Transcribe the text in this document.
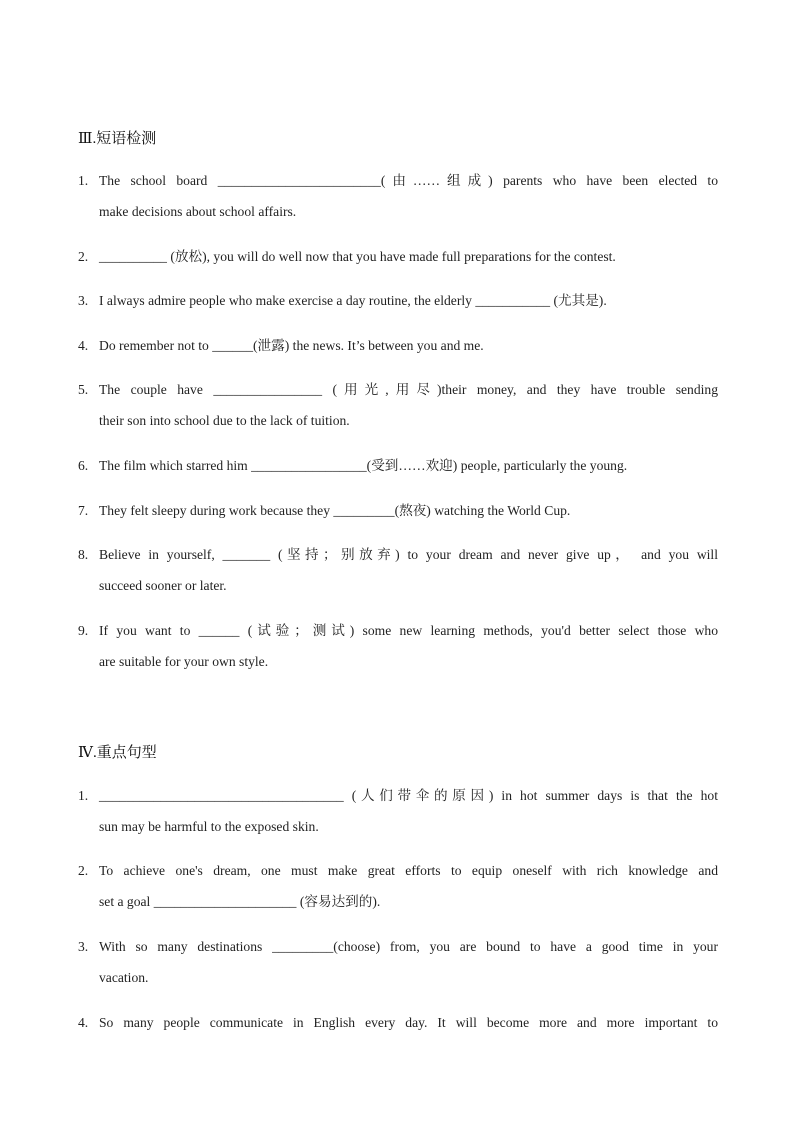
Ⅲ.短语检测
1. The school board ________________________(由……组成) parents who have been elected to
make decisions about school affairs.
2. __________ (放松), you will do well now that you have made full preparations for the contest.
3. I always admire people who make exercise a day routine, the elderly ___________ (尤其是).
4. Do remember not to ______(泄露) the news. It’s between you and me.
5. The couple have ________________ (用光,用尽)their money, and they have trouble sending
their son into school due to the lack of tuition.
6. The film which starred him _________________(受到……欢迎) people, particularly the young.
7. They felt sleepy during work because they _________(熬夜) watching the World Cup.
8. Believe in yourself, _______ (坚持；别放弃) to your dream and never give up， and you will
succeed sooner or later.
9. If you want to ______ (试验；测试) some new learning methods, you'd better select those who
are suitable for your own style.
Ⅳ.重点句型
1. ____________________________________ (人们带伞的原因) in hot summer days is that the hot
sun may be harmful to the exposed skin.
2. To achieve one's dream, one must make great efforts to equip oneself with rich knowledge and
set a goal _____________________ (容易达到的).
3. With so many destinations _________(choose) from, you are bound to have a good time in your
vacation.
4. So many people communicate in English every day. It will become more and more important to
